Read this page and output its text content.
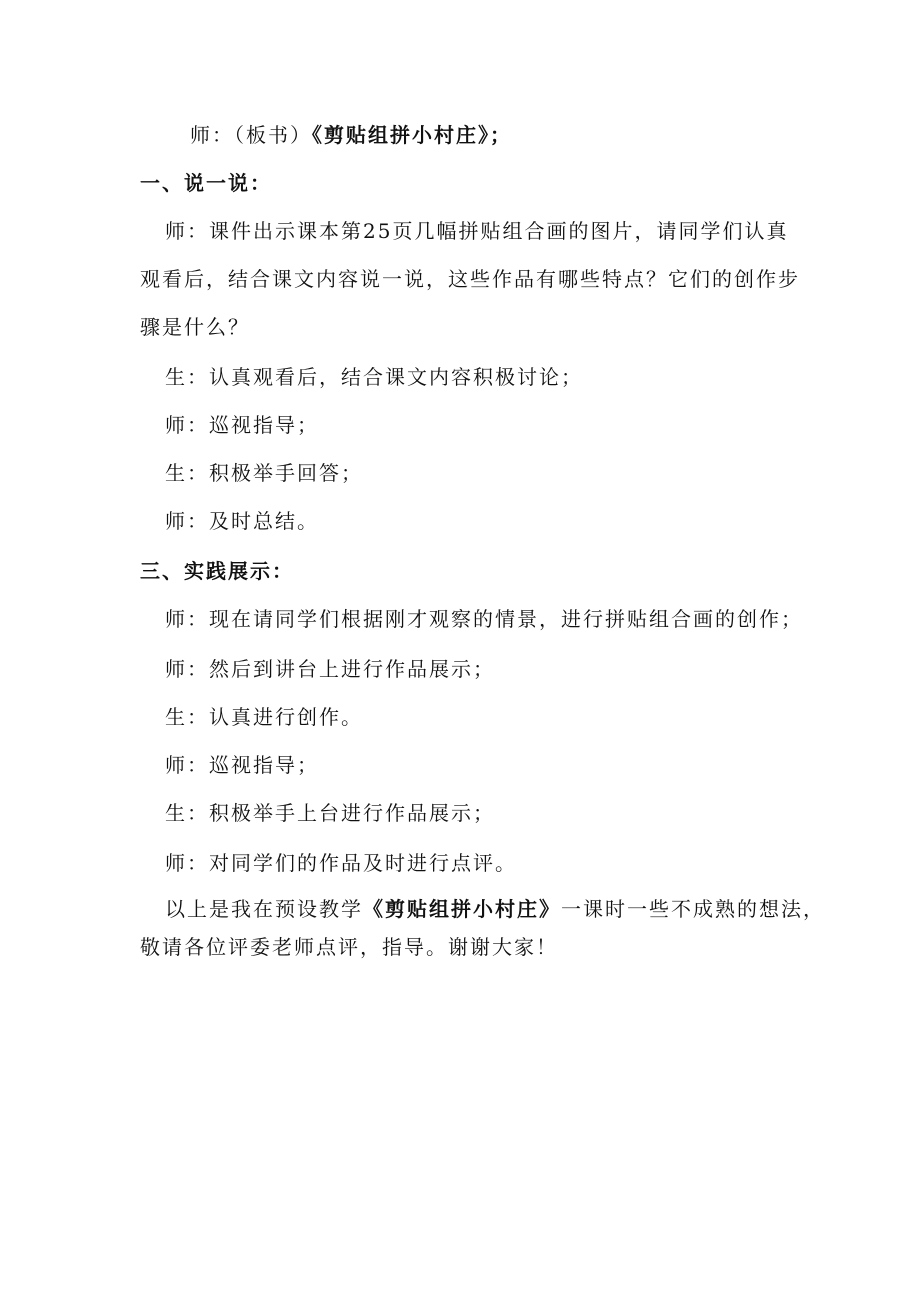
师：（板书）《剪贴组拼小村庄》；
一、说一说：
师：课件出示课本第25页几幅拼贴组合画的图片，请同学们认真
观看后，结合课文内容说一说，这些作品有哪些特点？它们的创作步
骤是什么？
生：认真观看后，结合课文内容积极讨论；
师：巡视指导；
生：积极举手回答；
师：及时总结。
三、实践展示：
师：现在请同学们根据刚才观察的情景，进行拼贴组合画的创作；
师：然后到讲台上进行作品展示；
生：认真进行创作。
师：巡视指导；
生：积极举手上台进行作品展示；
师：对同学们的作品及时进行点评。
以上是我在预设教学《剪贴组拼小村庄》一课时一些不成熟的想法，
敬请各位评委老师点评，指导。谢谢大家！
